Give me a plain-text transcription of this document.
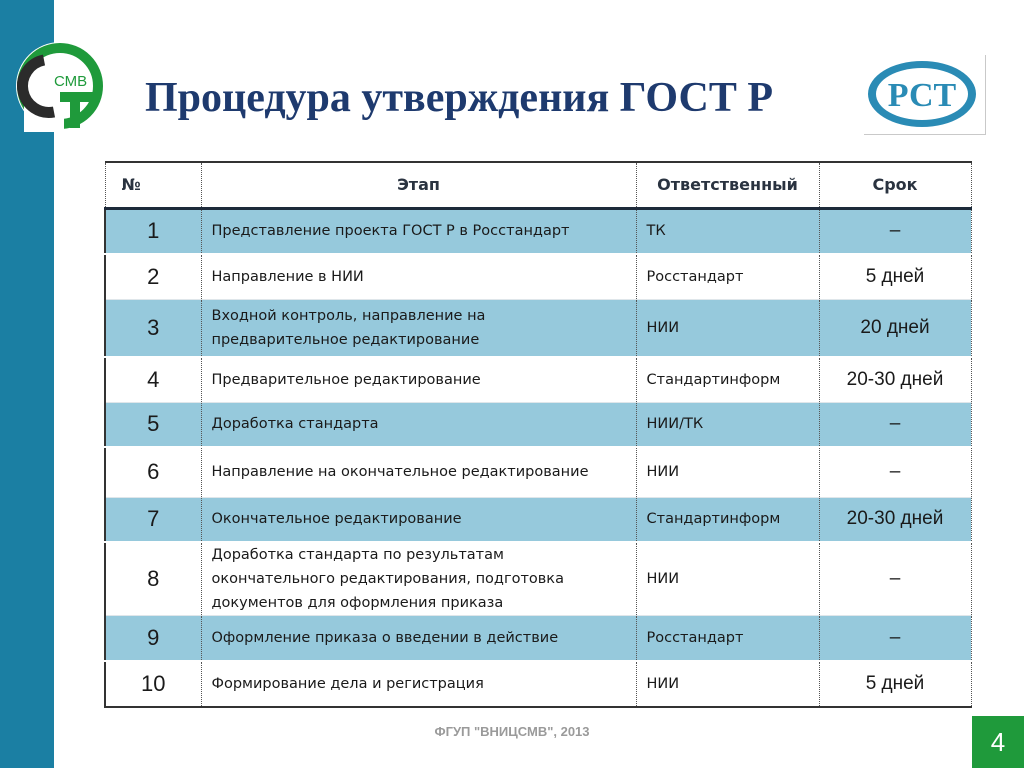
СМВ Процедура утверждения ГОСТ Р	РСТ
№	Этап	Ответственный	Срок
1	Представление проекта ГОСТ Р в Росстандарт	ТК	–
2	Направление в НИИ	Росстандарт	5 дней
3	Входной контроль, направление на предварительное редактирование	НИИ	20 дней
4	Предварительное редактирование	Стандартинформ	20-30 дней
5	Доработка стандарта	НИИ/ТК	–
6	Направление на окончательное редактирование	НИИ	–
7	Окончательное редактирование	Стандартинформ	20-30 дней
8	Доработка стандарта по результатам окончательного редактирования, подготовка документов для оформления приказа	НИИ	–
9	Оформление приказа о введении в действие	Росстандарт	–
10	Формирование дела и регистрация	НИИ	5 дней
ФГУП "ВНИЦСМВ", 2013	4
